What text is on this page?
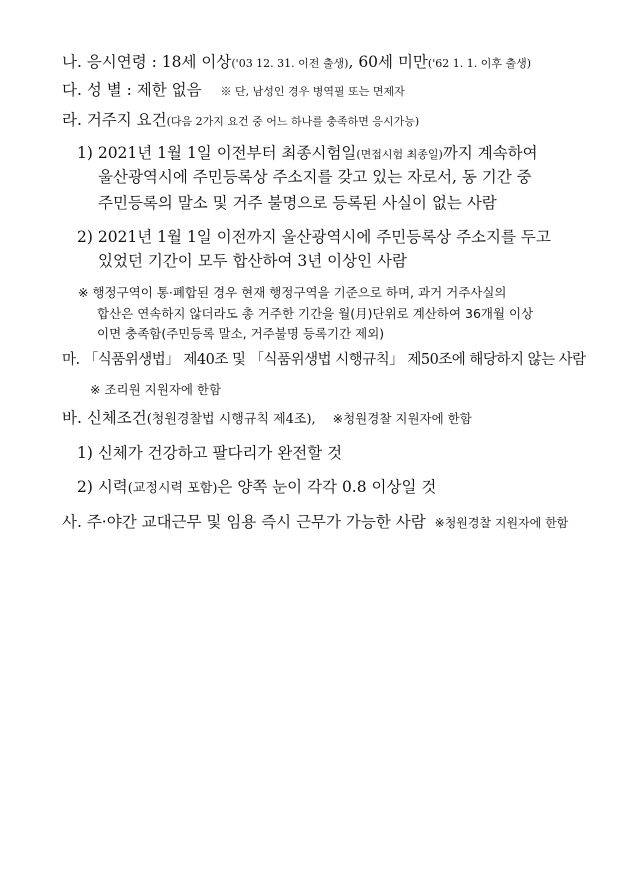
나. 응시연령 : 18세 이상('03 12. 31. 이전 출생), 60세 미만('62 1. 1. 이후 출생)
다. 성 별 : 제한 없음 ※ 단, 남성인 경우 병역필 또는 면제자
라. 거주지 요건(다음 2가지 요건 중 어느 하나를 충족하면 응시가능)
1) 2021년 1월 1일 이전부터 최종시험일(면접시험 최종일)까지 계속하여
울산광역시에 주민등록상 주소지를 갖고 있는 자로서, 동 기간 중
주민등록의 말소 및 거주 불명으로 등록된 사실이 없는 사람
2) 2021년 1월 1일 이전까지 울산광역시에 주민등록상 주소지를 두고
있었던 기간이 모두 합산하여 3년 이상인 사람
※ 행정구역이 통·폐합된 경우 현재 행정구역을 기준으로 하며, 과거 거주사실의
합산은 연속하지 않더라도 총 거주한 기간을 월(月)단위로 계산하여 36개월 이상
이면 충족함(주민등록 말소, 거주불명 등록기간 제외)
마. 「식품위생법」 제40조 및 「식품위생법 시행규칙」 제50조에 해당하지 않는 사람
※ 조리원 지원자에 한함
바. 신체조건(청원경찰법 시행규칙 제4조), ※청원경찰 지원자에 한함
1) 신체가 건강하고 팔다리가 완전할 것
2) 시력(교정시력 포함)은 양쪽 눈이 각각 0.8 이상일 것
사. 주·야간 교대근무 및 임용 즉시 근무가 가능한 사람 ※청원경찰 지원자에 한함
